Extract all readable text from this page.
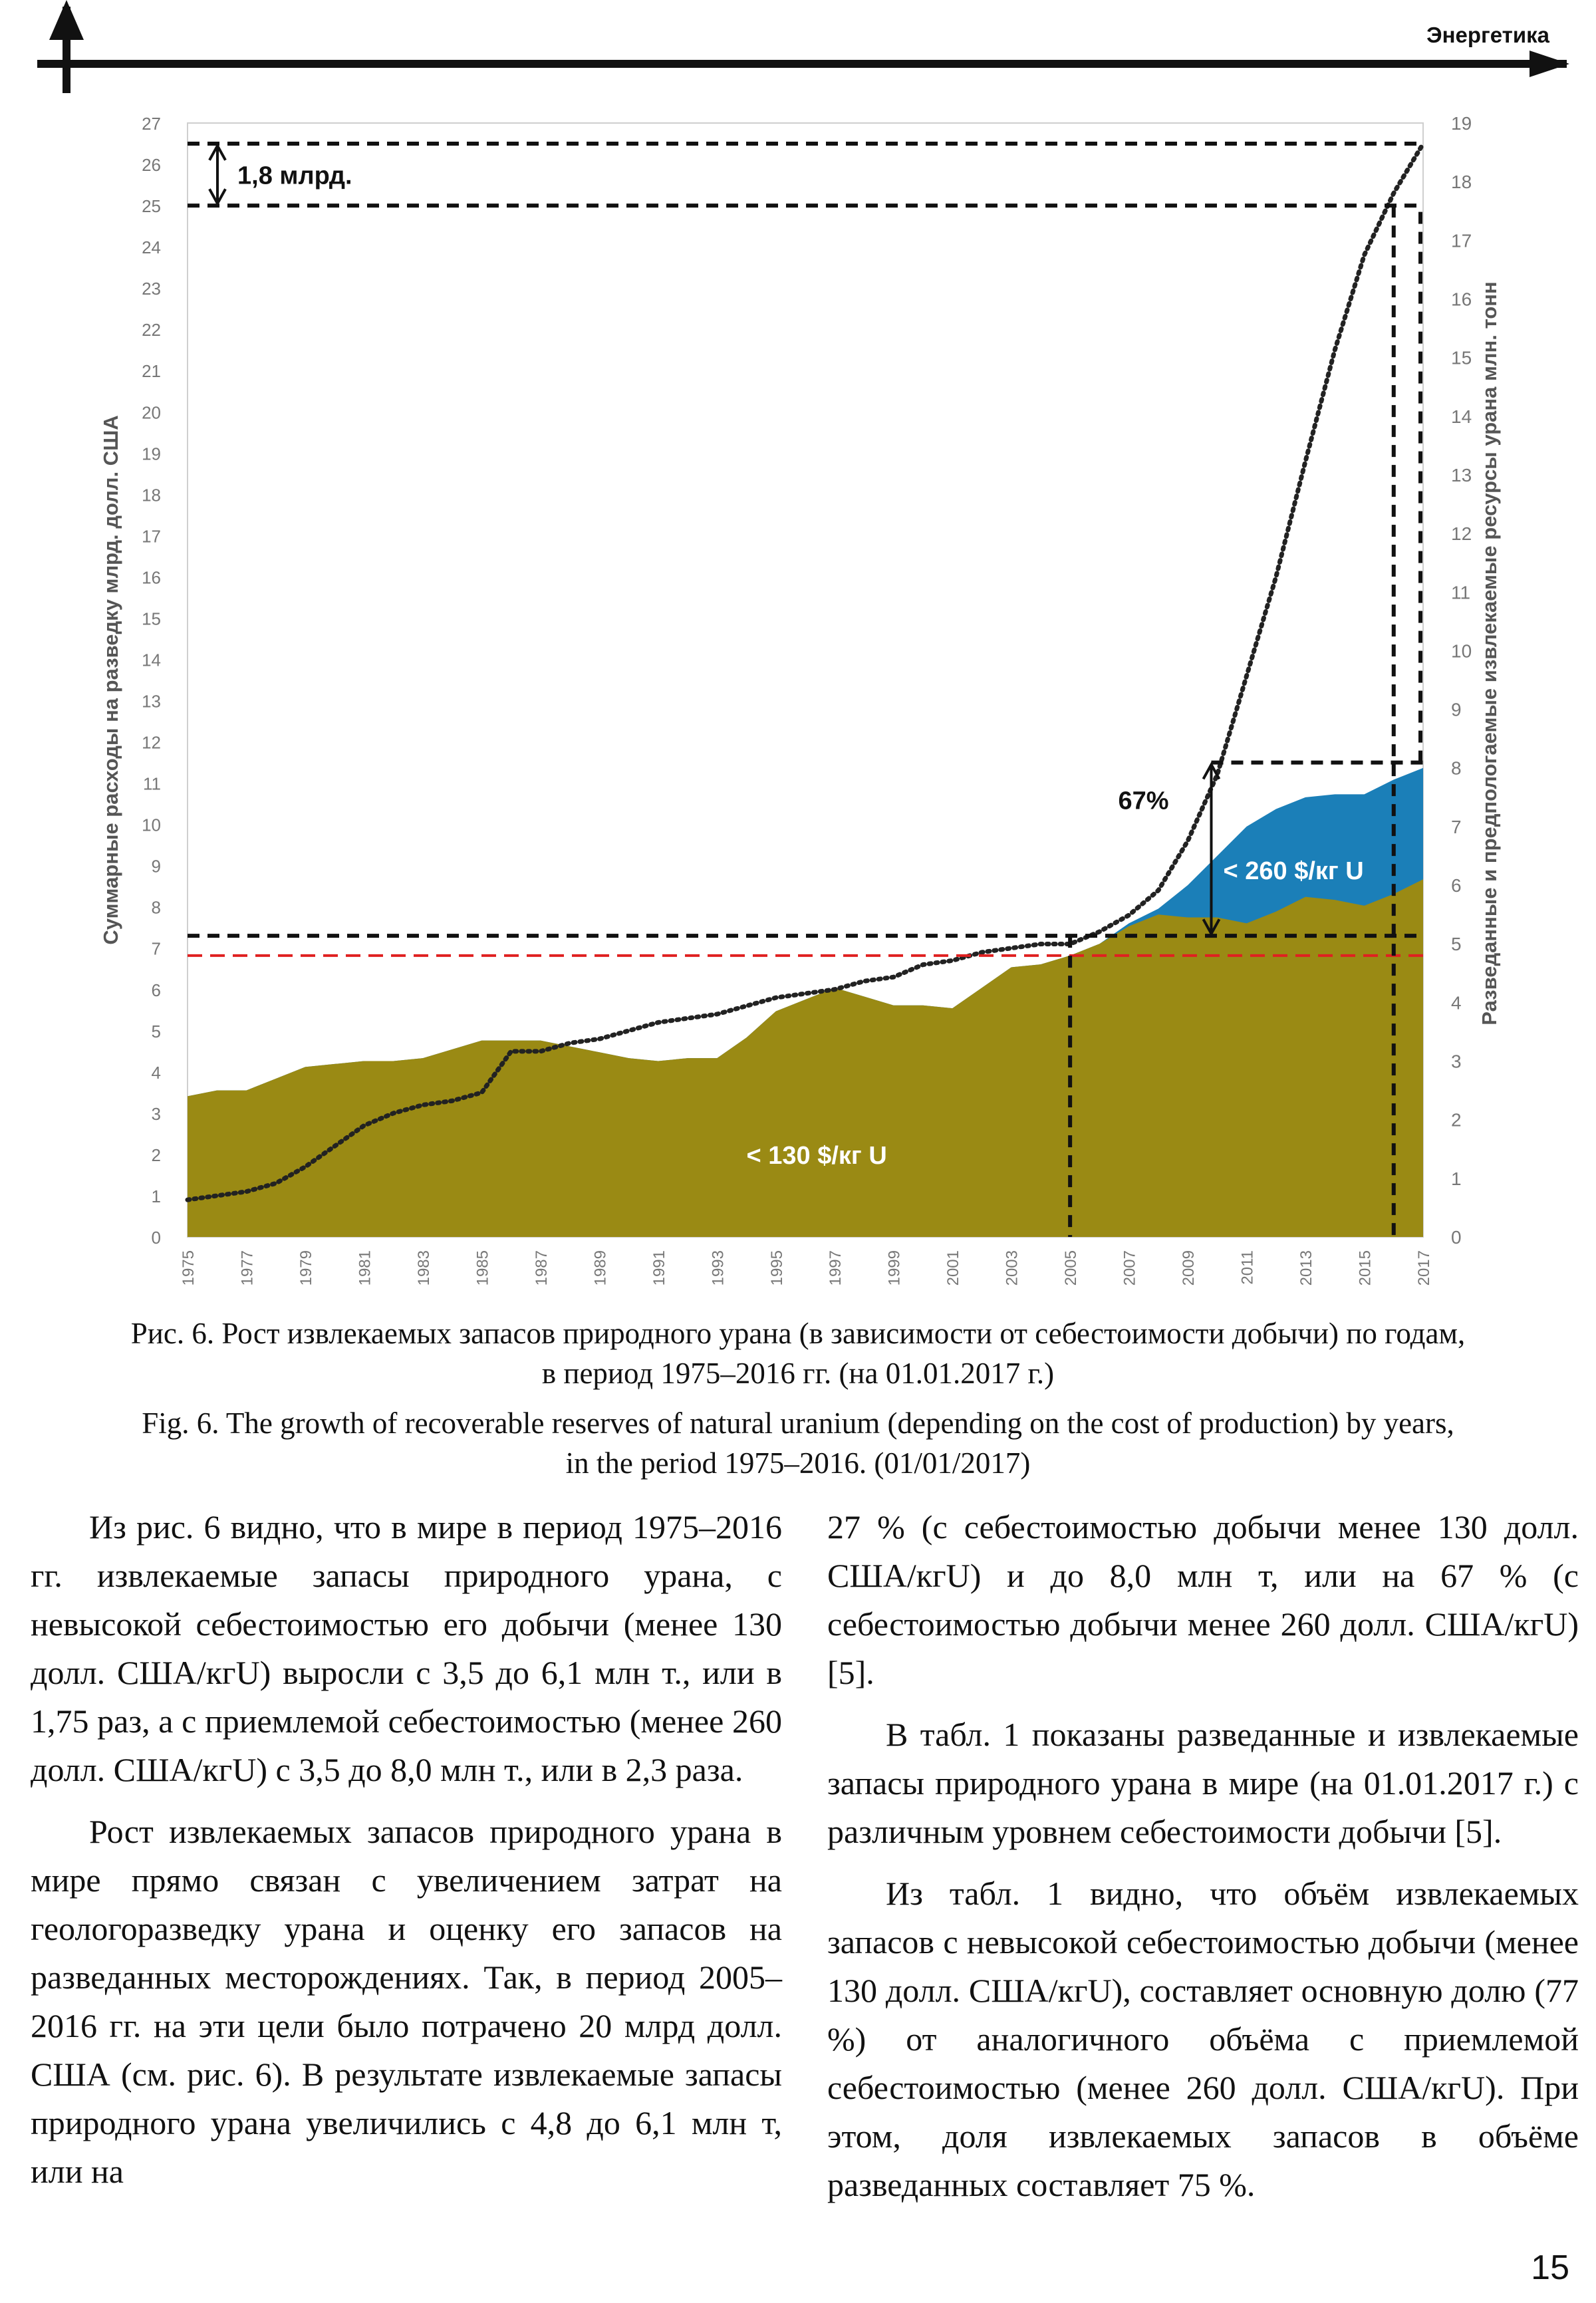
Энергетика
1,8 млрд.
67%
< 260 $/кг U
< 130 $/кг U
0
1
2
3
4
5
6
7
8
9
10
11
12
13
14
15
16
17
18
19
20
21
22
23
24
25
26
27
0
1
2
3
4
5
6
7
8
9
10
11
12
13
14
15
16
17
18
19
1975	1977	1979	1981	1983	1985	1987	1989	1991	1993	1995	1997	1999	2001	2003	2005	2007	2009	2011	2013	2015	2017
Суммарные расходы на разведку млрд. долл. США	Разведанные и предпологаемые извлекаемые ресурсы урана млн. тонн
Рис. 6. Рост извлекаемых запасов природного урана (в зависимости от себестоимости добычи) по годам,
в период 1975–2016 гг. (на 01.01.2017 г.)
Fig. 6. The growth of recoverable reserves of natural uranium (depending on the cost of production) by years,
in the period 1975–2016. (01/01/2017)

Из рис. 6 видно, что в мире в период 1975–2016 гг. извлекаемые запасы природного урана, с невысокой себестоимостью его добычи (менее 130 долл. США/кгU) выросли с 3,5 до 6,1 млн т., или в 1,75 раз, а с приемлемой себестоимостью (менее 260 долл. США/кгU) с 3,5 до 8,0 млн т., или в 2,3 раза.

Рост извлекаемых запасов природного урана в мире прямо связан с увеличением затрат на геологоразведку урана и оценку его запасов на разведанных месторождениях. Так, в период 2005–2016 гг. на эти цели было потрачено 20 млрд долл. США (см. рис. 6). В результате извлекаемые запасы природного урана увеличились с 4,8 до 6,1 млн т, или на

27 % (с себестоимостью добычи менее 130 долл. США/кгU) и до 8,0 млн т, или на 67 % (с себестоимостью добычи менее 260 долл. США/кгU) [5].

В табл. 1 показаны разведанные и извлекаемые запасы природного урана в мире (на 01.01.2017 г.) с различным уровнем себестоимости добычи [5].

Из табл. 1 видно, что объём извлекаемых запасов с невысокой себестоимостью добычи (менее 130 долл. США/кгU), составляет основную долю (77 %) от аналогичного объёма с приемлемой себестоимостью (менее 260 долл. США/кгU). При этом, доля извлекаемых запасов в объёме разведанных составляет 75 %.

15
